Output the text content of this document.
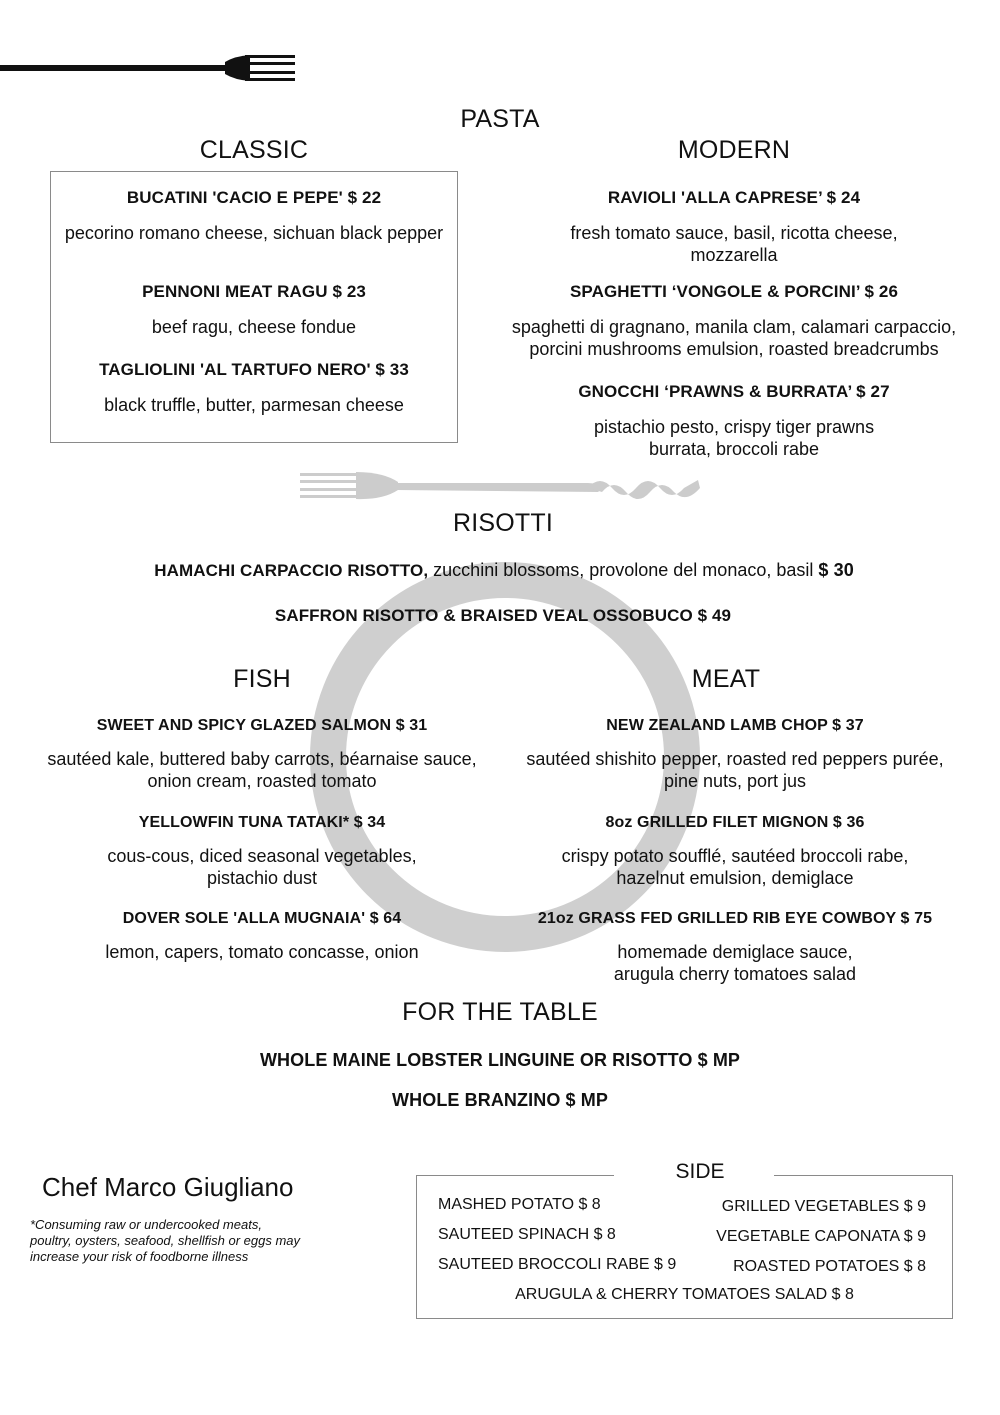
PASTA
CLASSIC	MODERN
BUCATINI 'CACIO E PEPE' $ 22
pecorino romano cheese, sichuan black pepper
PENNONI MEAT RAGU $ 23
beef ragu, cheese fondue
TAGLIOLINI 'AL TARTUFO NERO' $ 33
black truffle, butter, parmesan cheese
RAVIOLI 'ALLA CAPRESE’ $ 24
fresh tomato sauce, basil, ricotta cheese,
mozzarella
SPAGHETTI ‘VONGOLE & PORCINI’ $ 26
spaghetti di gragnano, manila clam, calamari carpaccio,
porcini mushrooms emulsion, roasted breadcrumbs
GNOCCHI ‘PRAWNS & BURRATA’ $ 27
pistachio pesto, crispy tiger prawns
burrata, broccoli rabe
RISOTTI
HAMACHI CARPACCIO RISOTTO, zucchini blossoms, provolone del monaco, basil $ 30
SAFFRON RISOTTO & BRAISED VEAL OSSOBUCO $ 49
FISH
SWEET AND SPICY GLAZED SALMON $ 31
sautéed kale, buttered baby carrots, béarnaise sauce,
onion cream, roasted tomato
YELLOWFIN TUNA TATAKI* $ 34
cous-cous, diced seasonal vegetables,
pistachio dust
DOVER SOLE 'ALLA MUGNAIA' $ 64
lemon, capers, tomato concasse, onion
MEAT
NEW ZEALAND LAMB CHOP $ 37
sautéed shishito pepper, roasted red peppers purée,
pine nuts, port jus
8oz GRILLED FILET MIGNON $ 36
crispy potato soufflé, sautéed broccoli rabe,
hazelnut emulsion, demiglace
21oz GRASS FED GRILLED RIB EYE COWBOY $ 75
homemade demiglace sauce,
arugula cherry tomatoes salad
FOR THE TABLE
WHOLE MAINE LOBSTER LINGUINE OR RISOTTO $ MP
WHOLE BRANZINO $ MP
Chef Marco Giugliano
*Consuming raw or undercooked meats,
poultry, oysters, seafood, shellfish or eggs may
increase your risk of foodborne illness
SIDE
MASHED POTATO $ 8
SAUTEED SPINACH $ 8
SAUTEED BROCCOLI RABE $ 9
GRILLED VEGETABLES $ 9
VEGETABLE CAPONATA $ 9
ROASTED POTATOES $ 8
ARUGULA & CHERRY TOMATOES SALAD $ 8
